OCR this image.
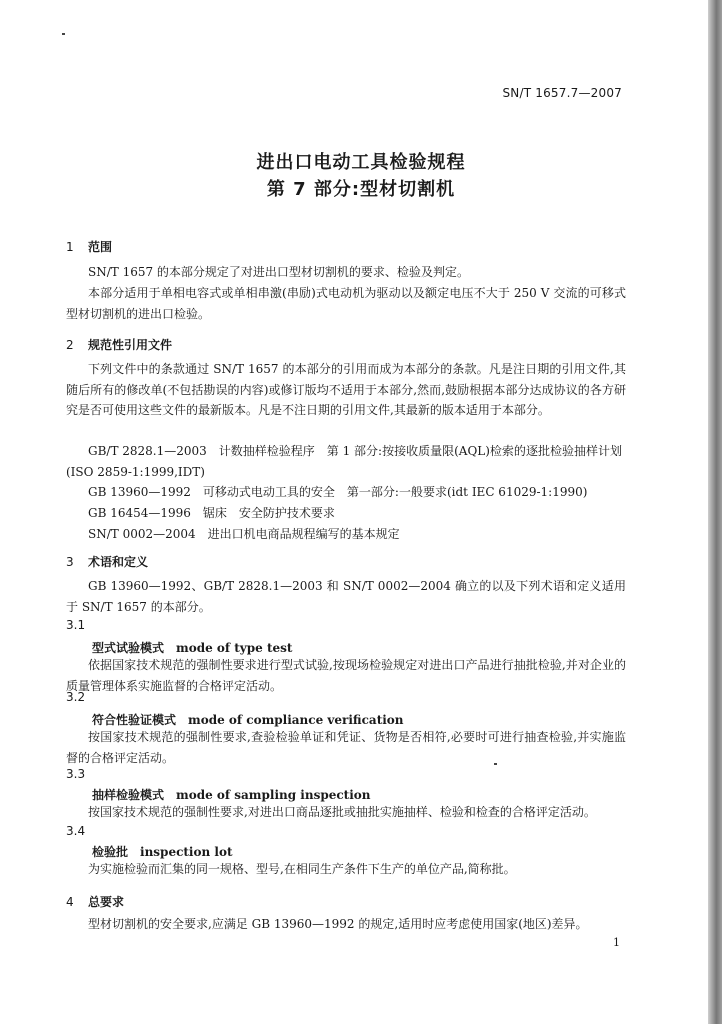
SN/T 1657.7—2007
进出口电动工具检验规程
第 7 部分:型材切割机
1 范围
SN/T 1657 的本部分规定了对进出口型材切割机的要求、检验及判定。
本部分适用于单相电容式或单相串激(串励)式电动机为驱动以及额定电压不大于 250 V 交流的可移式型材切割机的进出口检验。
2 规范性引用文件
下列文件中的条款通过 SN/T 1657 的本部分的引用而成为本部分的条款。凡是注日期的引用文件,其随后所有的修改单(不包括勘误的内容)或修订版均不适用于本部分,然而,鼓励根据本部分达成协议的各方研究是否可使用这些文件的最新版本。凡是不注日期的引用文件,其最新的版本适用于本部分。
GB/T 2828.1—2003　计数抽样检验程序　第 1 部分:按接收质量限(AQL)检索的逐批检验抽样计划(ISO 2859-1:1999,IDT)
GB 13960—1992　可移动式电动工具的安全　第一部分:一般要求(idt IEC 61029-1:1990)
GB 16454—1996　锯床　安全防护技术要求
SN/T 0002—2004　进出口机电商品规程编写的基本规定
3 术语和定义
GB 13960—1992、GB/T 2828.1—2003 和 SN/T 0002—2004 确立的以及下列术语和定义适用于 SN/T 1657 的本部分。
3.1
型式试验模式 mode of type test
依据国家技术规范的强制性要求进行型式试验,按现场检验规定对进出口产品进行抽批检验,并对企业的质量管理体系实施监督的合格评定活动。
3.2
符合性验证模式 mode of compliance verification
按国家技术规范的强制性要求,查验检验单证和凭证、货物是否相符,必要时可进行抽查检验,并实施监督的合格评定活动。
3.3
抽样检验模式 mode of sampling inspection
按国家技术规范的强制性要求,对进出口商品逐批或抽批实施抽样、检验和检查的合格评定活动。
3.4
检验批 inspection lot
为实施检验而汇集的同一规格、型号,在相同生产条件下生产的单位产品,简称批。
4 总要求
型材切割机的安全要求,应满足 GB 13960—1992 的规定,适用时应考虑使用国家(地区)差异。
1
